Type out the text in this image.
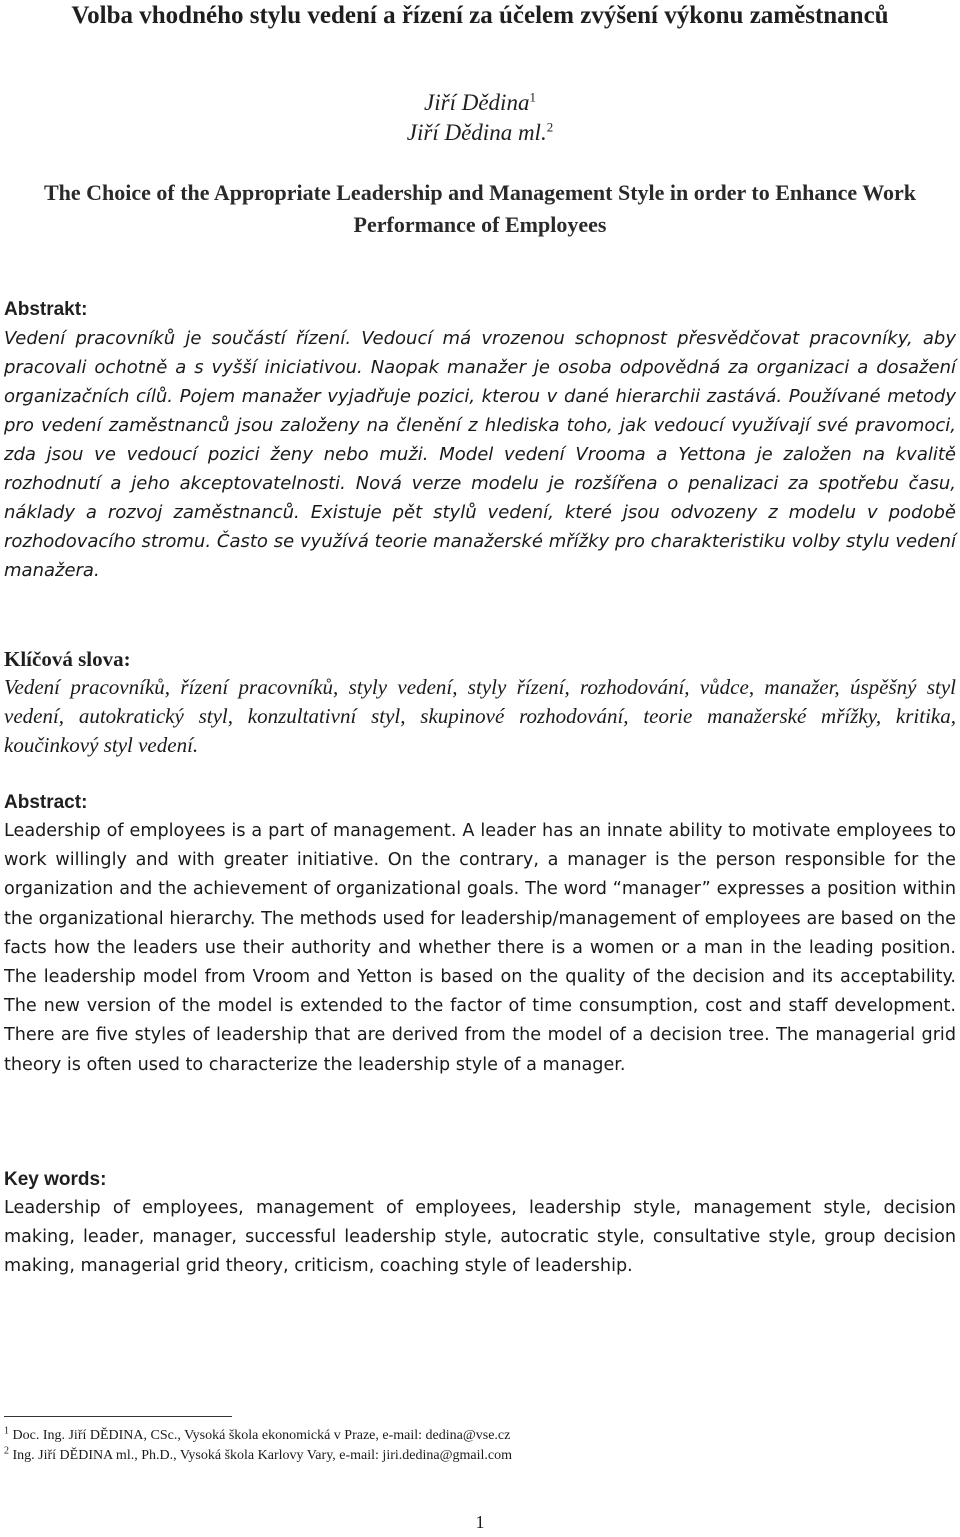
Volba vhodného stylu vedení a řízení za účelem zvýšení výkonu zaměstnanců
Jiří Dědina$^1$
Jiří Dědina ml.$^2$
The Choice of the Appropriate Leadership and Management Style in order to Enhance Work Performance of Employees
Abstrakt:
Vedení pracovníků je součástí řízení. Vedoucí má vrozenou schopnost přesvědčovat pracovníky, aby pracovali ochotně a s vyšší iniciativou. Naopak manažer je osoba odpovědná za organizaci a dosažení organizačních cílů. Pojem manažer vyjadřuje pozici, kterou v dané hierarchii zastává. Používané metody pro vedení zaměstnanců jsou založeny na členění z hlediska toho, jak vedoucí využívají své pravomoci, zda jsou ve vedoucí pozici ženy nebo muži. Model vedení Vrooma a Yettona je založen na kvalitě rozhodnutí a jeho akceptovatelnosti. Nová verze modelu je rozšířena o penalizaci za spotřebu času, náklady a rozvoj zaměstnanců. Existuje pět stylů vedení, které jsou odvozeny z modelu v podobě rozhodovacího stromu. Často se využívá teorie manažerské mřížky pro charakteristiku volby stylu vedení manažera.
Klíčová slova:
Vedení pracovníků, řízení pracovníků, styly vedení, styly řízení, rozhodování, vůdce, manažer, úspěšný styl vedení, autokratický styl, konzultativní styl, skupinové rozhodování, teorie manažerské mřížky, kritika, koučinkový styl vedení.
Abstract:
Leadership of employees is a part of management. A leader has an innate ability to motivate employees to work willingly and with greater initiative. On the contrary, a manager is the person responsible for the organization and the achievement of organizational goals. The word “manager” expresses a position within the organizational hierarchy. The methods used for leadership/management of employees are based on the facts how the leaders use their authority and whether there is a women or a man in the leading position. The leadership model from Vroom and Yetton is based on the quality of the decision and its acceptability. The new version of the model is extended to the factor of time consumption, cost and staff development. There are five styles of leadership that are derived from the model of a decision tree. The managerial grid theory is often used to characterize the leadership style of a manager.
Key words:
Leadership of employees, management of employees, leadership style, management style, decision making, leader, manager, successful leadership style, autocratic style, consultative style, group decision making, managerial grid theory, criticism, coaching style of leadership.
$^1$ Doc. Ing. Jiří DĚDINA, CSc., Vysoká škola ekonomická v Praze, e-mail: dedina@vse.cz
$^2$ Ing. Jiří DĚDINA ml., Ph.D., Vysoká škola Karlovy Vary, e-mail: jiri.dedina@gmail.com
1
